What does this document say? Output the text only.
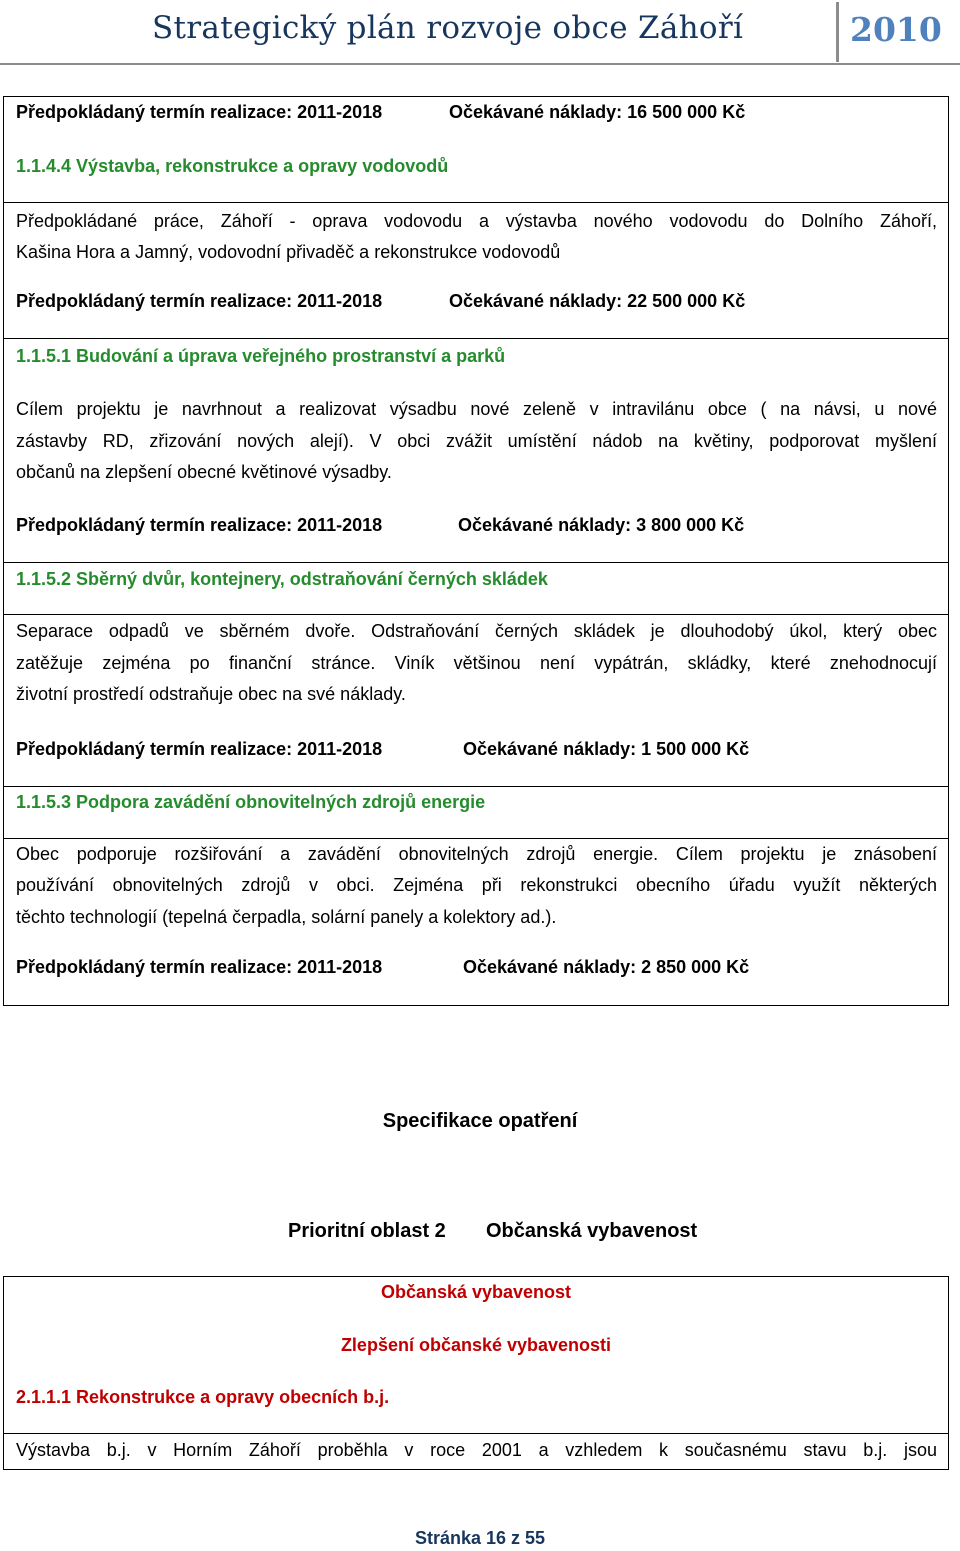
Strategický plán rozvoje obce Záhoří	2010
Předpokládaný termín realizace: 2011-2018	Očekávané náklady: 16 500 000 Kč
1.1.4.4 Výstavba, rekonstrukce a opravy vodovodů
Předpokládané práce, Záhoří - oprava vodovodu a výstavba nového vodovodu do Dolního Záhoří,
Kašina Hora a Jamný, vodovodní přivaděč a rekonstrukce vodovodů
Předpokládaný termín realizace: 2011-2018	Očekávané náklady: 22 500 000 Kč
1.1.5.1 Budování a úprava veřejného prostranství a parků
Cílem projektu je navrhnout a realizovat výsadbu nové zeleně v intravilánu obce ( na návsi, u nové
zástavby RD, zřizování nových alejí). V obci zvážit umístění nádob na květiny, podporovat myšlení
občanů na zlepšení obecné květinové výsadby.
Předpokládaný termín realizace: 2011-2018	Očekávané náklady: 3 800 000 Kč
1.1.5.2 Sběrný dvůr, kontejnery, odstraňování černých skládek
Separace odpadů ve sběrném dvoře. Odstraňování černých skládek je dlouhodobý úkol, který obec
zatěžuje zejména po finanční stránce. Viník většinou není vypátrán, skládky, které znehodnocují
životní prostředí odstraňuje obec na své náklady.
Předpokládaný termín realizace: 2011-2018	Očekávané náklady: 1 500 000 Kč
1.1.5.3 Podpora zavádění obnovitelných zdrojů energie
Obec podporuje rozšiřování a zavádění obnovitelných zdrojů energie. Cílem projektu je znásobení
používání obnovitelných zdrojů v obci. Zejména při rekonstrukci obecního úřadu využít některých
těchto technologií (tepelná čerpadla, solární panely a kolektory ad.).
Předpokládaný termín realizace: 2011-2018	Očekávané náklady: 2 850 000 Kč
Specifikace opatření
Prioritní oblast 2 Občanská vybavenost
Občanská vybavenost
Zlepšení občanské vybavenosti
2.1.1.1 Rekonstrukce a opravy obecních b.j.
Výstavba b.j. v Horním Záhoří proběhla v roce 2001 a vzhledem k současnému stavu b.j. jsou
Stránka 16 z 55
